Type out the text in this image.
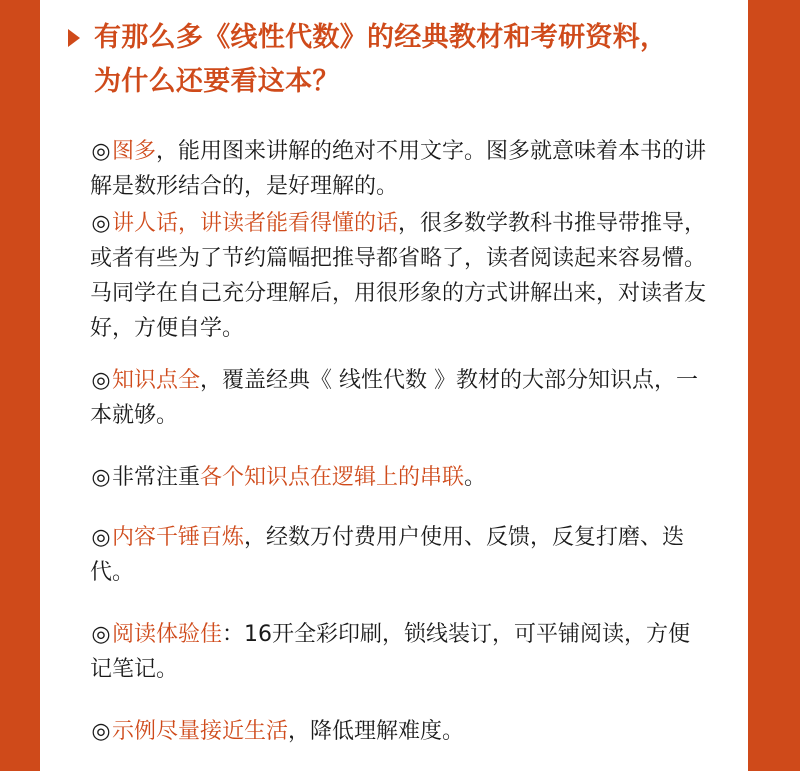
有那么多《线性代数》的经典教材和考研资料，
为什么还要看这本？
◎图多，能用图来讲解的绝对不用文字。图多就意味着本书的讲解是数形结合的，是好理解的。
◎讲人话，讲读者能看得懂的话，很多数学教科书推导带推导，或者有些为了节约篇幅把推导都省略了，读者阅读起来容易懵。马同学在自己充分理解后，用很形象的方式讲解出来，对读者友好，方便自学。
◎知识点全，覆盖经典《 线性代数 》教材的大部分知识点，一本就够。
◎非常注重各个知识点在逻辑上的串联。
◎内容千锤百炼，经数万付费用户使用、反馈，反复打磨、迭代。
◎阅读体验佳：16开全彩印刷，锁线装订，可平铺阅读，方便记笔记。
◎示例尽量接近生活，降低理解难度。
